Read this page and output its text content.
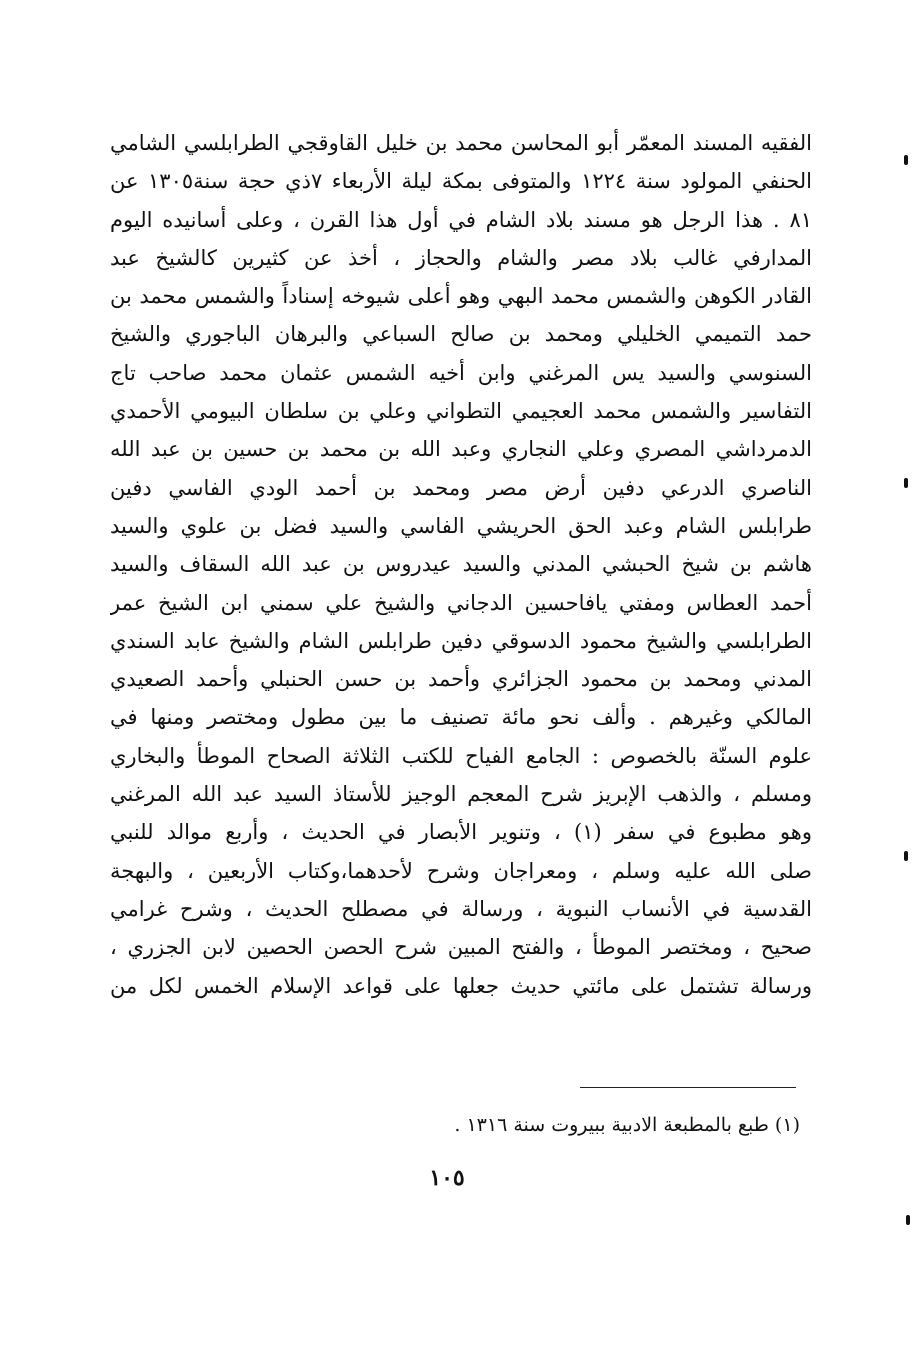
الفقيه المسند المعمّر أبو المحاسن محمد بن خليل القاوقجي الطرابلسي الشامي
الحنفي المولود سنة ١٢٢٤ والمتوفى بمكة ليلة الأربعاء ٧ذي حجة سنة١٣٠٥ عن
٨١ . هذا الرجل هو مسند بلاد الشام في أول هذا القرن ، وعلى أسانيده اليوم
المدارفي غالب بلاد مصر والشام والحجاز ، أخذ عن كثيرين كالشيخ عبد
القادر الكوهن والشمس محمد البهي وهو أعلى شيوخه إسناداً والشمس محمد بن
حمد التميمي الخليلي ومحمد بن صالح السباعي والبرهان الباجوري والشيخ
السنوسي والسيد يس المرغني وابن أخيه الشمس عثمان محمد صاحب تاج
التفاسير والشمس محمد العجيمي التطواني وعلي بن سلطان البيومي الأحمدي
الدمرداشي المصري وعلي النجاري وعبد الله بن محمد بن حسين بن عبد الله
الناصري الدرعي دفين أرض مصر ومحمد بن أحمد الودي الفاسي دفين
طرابلس الشام وعبد الحق الحريشي الفاسي والسيد فضل بن علوي والسيد
هاشم بن شيخ الحبشي المدني والسيد عيدروس بن عبد الله السقاف والسيد
أحمد العطاس ومفتي يافاحسين الدجاني والشيخ علي سمني ابن الشيخ عمر
الطرابلسي والشيخ محمود الدسوقي دفين طرابلس الشام والشيخ عابد السندي
المدني ومحمد بن محمود الجزائري وأحمد بن حسن الحنبلي وأحمد الصعيدي
المالكي وغيرهم . وألف نحو مائة تصنيف ما بين مطول ومختصر ومنها في
علوم السنّة بالخصوص : الجامع الفياح للكتب الثلاثة الصحاح الموطأ والبخاري
ومسلم ، والذهب الإبريز شرح المعجم الوجيز للأستاذ السيد عبد الله المرغني
وهو مطبوع في سفر (١) ، وتنوير الأبصار في الحديث ، وأربع موالد للنبي
صلى الله عليه وسلم ، ومعراجان وشرح لأحدهما،وكتاب الأربعين ، والبهجة
القدسية في الأنساب النبوية ، ورسالة في مصطلح الحديث ، وشرح غرامي
صحيح ، ومختصر الموطأ ، والفتح المبين شرح الحصن الحصين لابن الجزري ،
ورسالة تشتمل على مائتي حديث جعلها على قواعد الإسلام الخمس لكل من
(١) طبع بالمطبعة الادبية ببيروت سنة ١٣١٦ .
١٠٥
